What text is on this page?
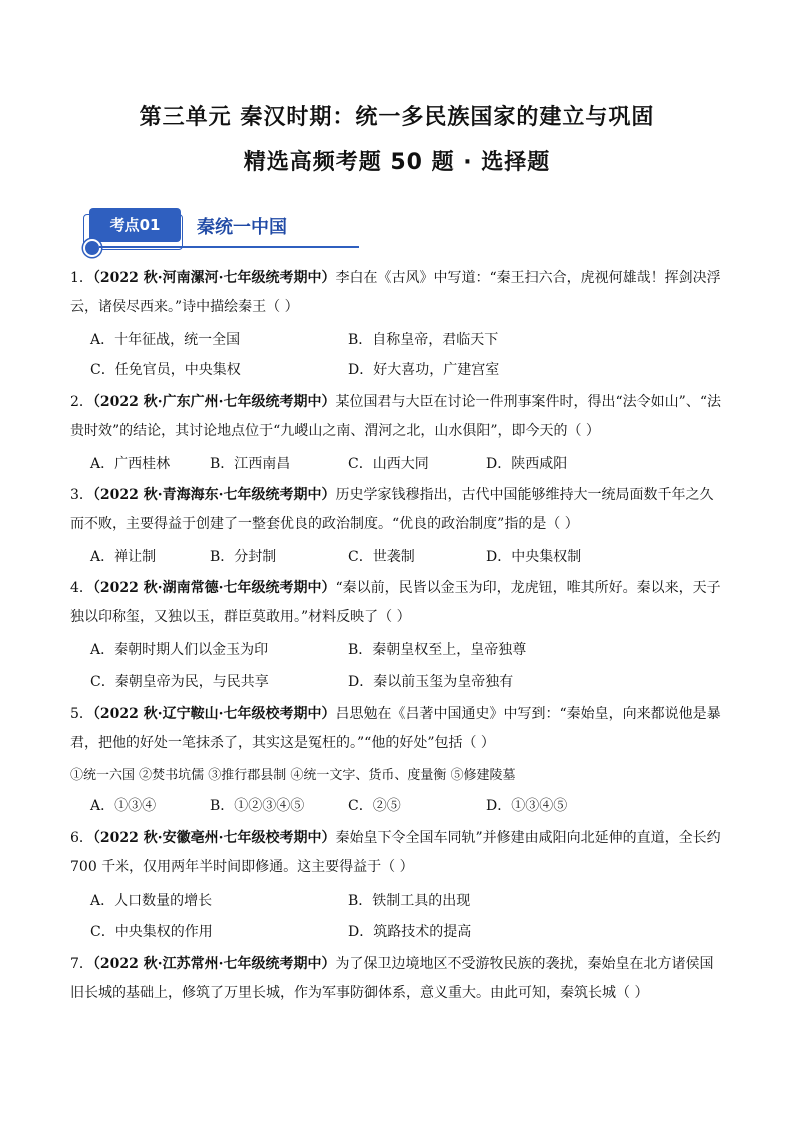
第三单元 秦汉时期：统一多民族国家的建立与巩固
精选高频考题 50 题 · 选择题
考点01	秦统一中国
1．（2022 秋·河南漯河·七年级统考期中）李白在《古风》中写道：“秦王扫六合，虎视何雄哉！挥剑决浮云，诸侯尽西来。”诗中描绘秦王（ ）
A．十年征战，统一全国	B．自称皇帝，君临天下
C．任免官员，中央集权	D．好大喜功，广建宫室
2．（2022 秋·广东广州·七年级统考期中）某位国君与大臣在讨论一件刑事案件时，得出“法令如山”、“法贵时效”的结论，其讨论地点位于“九嵕山之南、渭河之北，山水俱阳”，即今天的（ ）
A．广西桂林	B．江西南昌	C．山西大同	D．陕西咸阳
3．（2022 秋·青海海东·七年级统考期中）历史学家钱穆指出，古代中国能够维持大一统局面数千年之久而不败，主要得益于创建了一整套优良的政治制度。“优良的政治制度”指的是（ ）
A．禅让制	B．分封制	C．世袭制	D．中央集权制
4．（2022 秋·湖南常德·七年级统考期中）“秦以前，民皆以金玉为印，龙虎钮，唯其所好。秦以来，天子独以印称玺，又独以玉，群臣莫敢用。”材料反映了（ ）
A．秦朝时期人们以金玉为印	B．秦朝皇权至上，皇帝独尊
C．秦朝皇帝为民，与民共享	D．秦以前玉玺为皇帝独有
5．（2022 秋·辽宁鞍山·七年级校考期中）吕思勉在《吕著中国通史》中写到：“秦始皇，向来都说他是暴君，把他的好处一笔抹杀了，其实这是冤枉的。”“他的好处”包括（ ）
①统一六国 ②焚书坑儒 ③推行郡县制 ④统一文字、货币、度量衡 ⑤修建陵墓
A．①③④	B．①②③④⑤	C．②⑤	D．①③④⑤
6．（2022 秋·安徽亳州·七年级校考期中）秦始皇下令全国车同轨”并修建由咸阳向北延伸的直道，全长约 700 千米，仅用两年半时间即修通。这主要得益于（ ）
A．人口数量的增长	B．铁制工具的出现
C．中央集权的作用	D．筑路技术的提高
7．（2022 秋·江苏常州·七年级统考期中）为了保卫边境地区不受游牧民族的袭扰，秦始皇在北方诸侯国旧长城的基础上，修筑了万里长城，作为军事防御体系，意义重大。由此可知，秦筑长城（ ）
